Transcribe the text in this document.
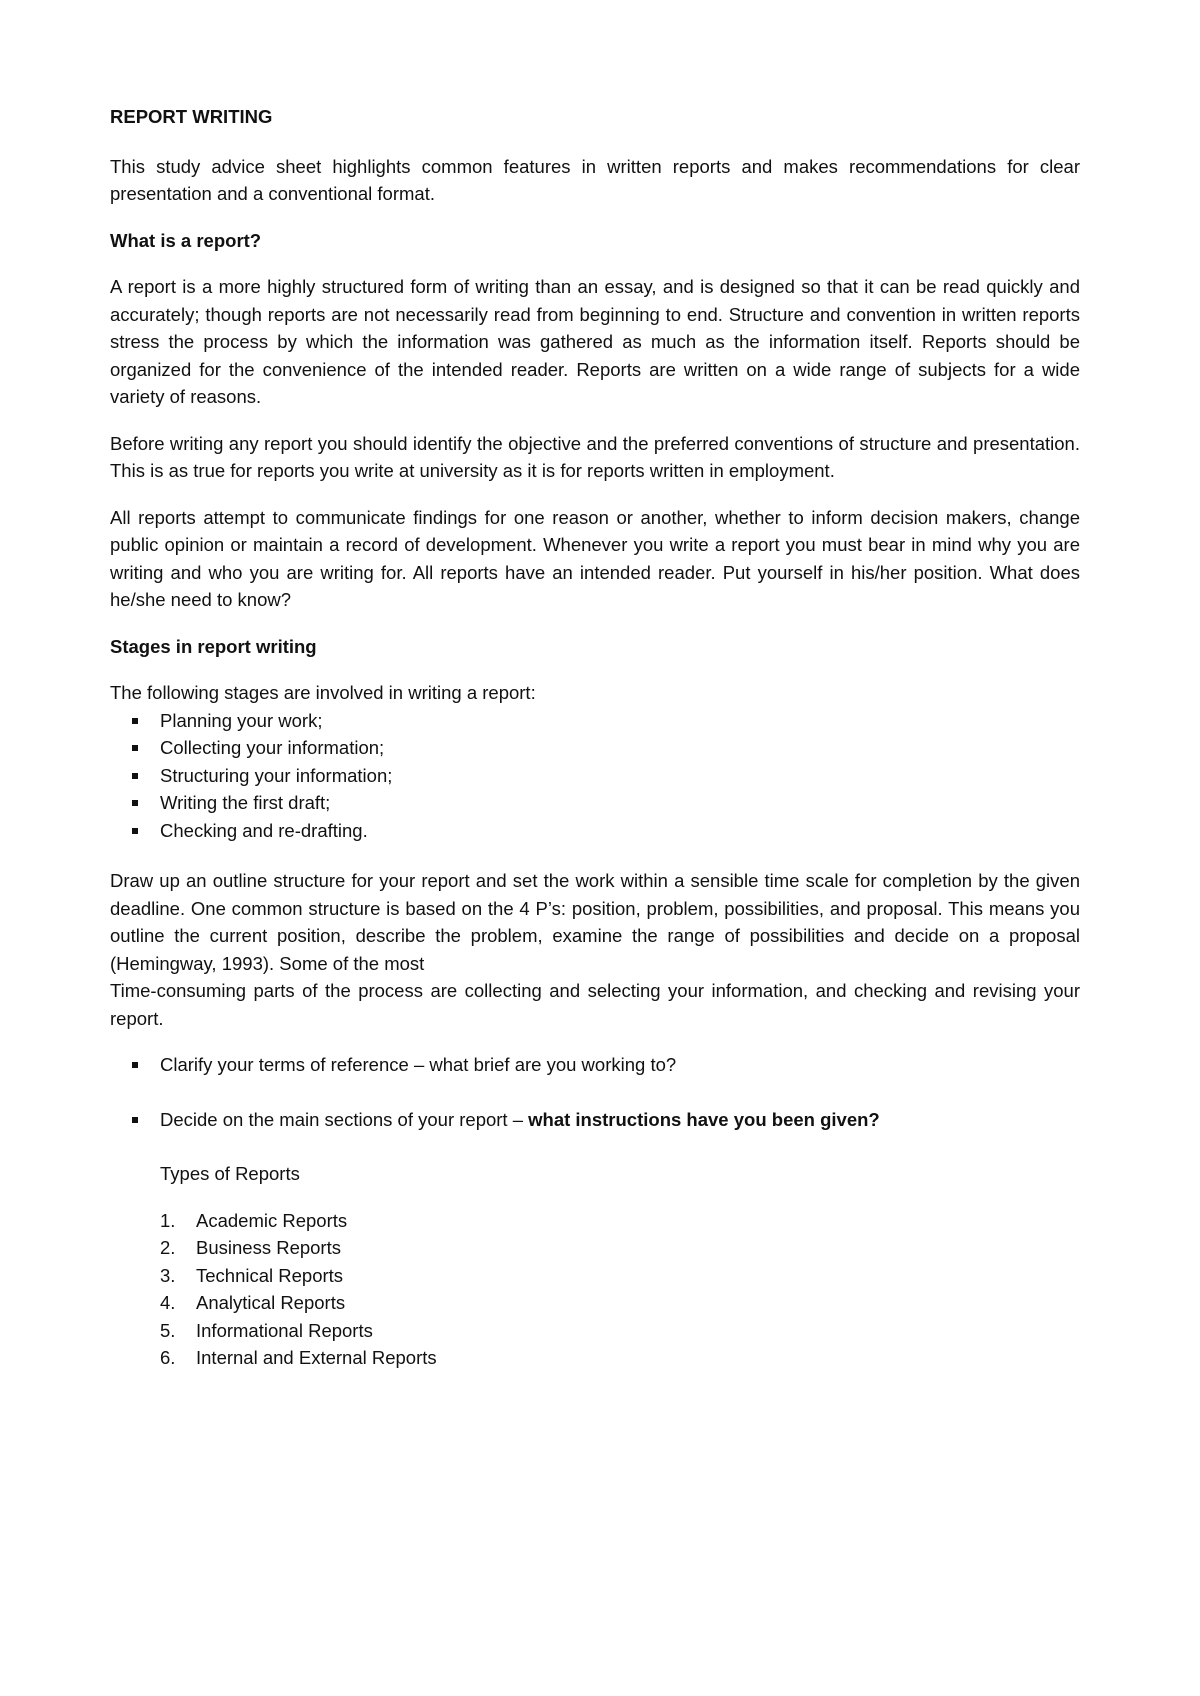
REPORT WRITING

This study advice sheet highlights common features in written reports and makes recommendations for clear presentation and a conventional format.

What is a report?

A report is a more highly structured form of writing than an essay, and is designed so that it can be read quickly and accurately; though reports are not necessarily read from beginning to end. Structure and convention in written reports stress the process by which the information was gathered as much as the information itself. Reports should be organized for the convenience of the intended reader. Reports are written on a wide range of subjects for a wide variety of reasons.

Before writing any report you should identify the objective and the preferred conventions of structure and presentation. This is as true for reports you write at university as it is for reports written in employment.

All reports attempt to communicate findings for one reason or another, whether to inform decision makers, change public opinion or maintain a record of development. Whenever you write a report you must bear in mind why you are writing and who you are writing for. All reports have an intended reader. Put yourself in his/her position. What does he/she need to know?

Stages in report writing
The following stages are involved in writing a report:
Planning your work;
Collecting your information;
Structuring your information;
Writing the first draft;
Checking and re-drafting.

Draw up an outline structure for your report and set the work within a sensible time scale for completion by the given deadline. One common structure is based on the 4 P’s: position, problem, possibilities, and proposal. This means you outline the current position, describe the problem, examine the range of possibilities and decide on a proposal (Hemingway, 1993). Some of the most
Time-consuming parts of the process are collecting and selecting your information, and checking and revising your report.

Clarify your terms of reference – what brief are you working to?
Decide on the main sections of your report – what instructions have you been given?
Types of Reports
1. Academic Reports
2. Business Reports
3. Technical Reports
4. Analytical Reports
5. Informational Reports
6. Internal and External Reports
